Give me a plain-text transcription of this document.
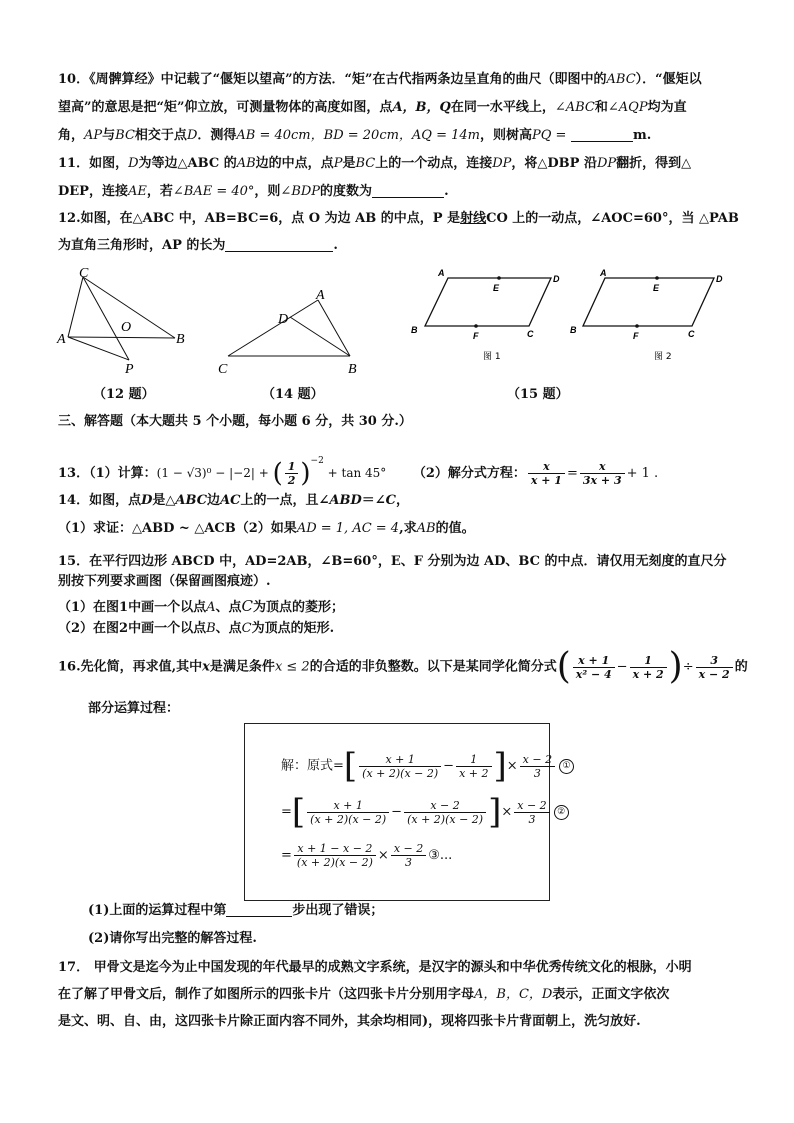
10．《周髀算经》中记载了“偃矩以望高”的方法．“矩”在古代指两条边呈直角的曲尺（即图中的ABC）．“偃矩以
望高”的意思是把“矩”仰立放，可测量物体的高度如图，点A，B，Q在同一水平线上，∠ABC和∠AQP均为直
角，AP与BC相交于点D．测得AB = 40cm，BD = 20cm，AQ = 14m，则树高PQ =	m.
11．如图，D为等边△ABC 的AB边的中点，点P是BC上的一个动点，连接DP，将△DBP 沿DP翻折，得到△
DEP，连接AE，若∠BAE = 40°，则∠BDP的度数为	.
12.如图，在△ABC 中，AB=BC=6，点 O 为边 AB 的中点，P 是射线CO 上的一动点，∠AOC=60°，当 △PAB
为直角三角形时，AP 的长为	.
C
A
O
B
P
（12 题）
A
D
C	B
（14 题）
A
D
E
B
F	C
图 1
A
D
E
B
F	C
图 2
（15 题）
三、解答题（本大题共 5 个小题，每小题 6 分，共 30 分.）
13．（1）计算：(1 − √3)⁰ − |−2| + ( $\frac{1}{2} )^{-2} + \tan 45^\circ$ （2）解分式方程： $\frac{x}{x + 1} = \frac{x}{3x + 3} + 1$ .
14．如图，点D是△ABC边AC上的一点，且∠ABD＝∠C，
（1）求证：△ABD ~ △ACB（2）如果AD = 1, AC = 4,求AB的值。
15．在平行四边形 ABCD 中，AD=2AB，∠B=60°，E、F 分别为边 AD、BC 的中点．请仅用无刻度的直尺分
别按下列要求画图（保留画图痕迹）.
（1）在图1中画一个以点A、点C为顶点的菱形；
（2）在图2中画一个以点B、点C为顶点的矩形.
16.先化简，再求值,其中x是满足条件x ≤ 2的合适的非负整数。以下是某同学化简分式( $\frac{x + 1}{\text{x² − 4}} - \frac{1}{x + 2}$ )÷ $\frac{3}{x - 2}$ 的
部分运算过程：
解：原式=[ $\frac{x + 1}{(x + 2)(x - 2)} - \frac{1}{x + 2}$ ]× $\frac{x - 2}{3}$ ①
=[ $\frac{x + 1}{(x + 2)(x - 2)} - \frac{x - 2}{(x + 2)(x - 2)}$ ]× $\frac{x - 2}{3}$ ②
= $\frac{x + 1 - x - 2}{(x + 2)(x - 2)} \times \frac{x - 2}{3}$ ③...
(1)上面的运算过程中第	步出现了错误；
(2)请你写出完整的解答过程.
17． 甲骨文是迄今为止中国发现的年代最早的成熟文字系统，是汉字的源头和中华优秀传统文化的根脉，小明
在了解了甲骨文后，制作了如图所示的四张卡片（这四张卡片分别用字母A，B，C，D表示，正面文字依次
是文、明、自、由，这四张卡片除正面内容不同外，其余均相同)，现将四张卡片背面朝上，洗匀放好.
